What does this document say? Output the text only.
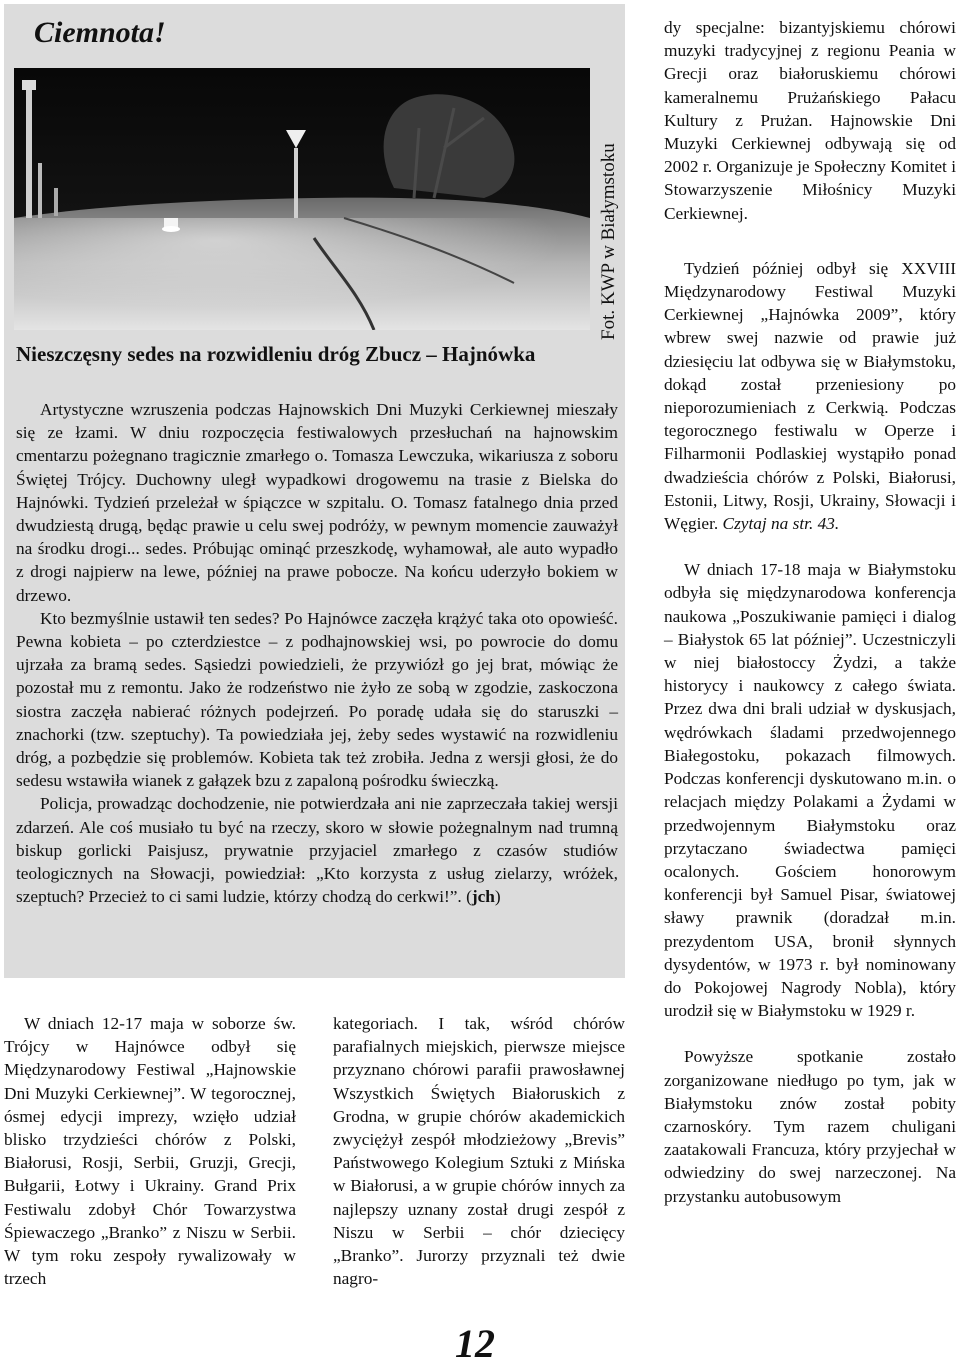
Ciemnota!
Fot. KWP w Białymstoku
Nieszczęsny sedes na rozwidleniu dróg Zbucz – Hajnówka

Artystyczne wzruszenia podczas Hajnowskich Dni Muzyki Cerkiewnej mieszały się ze łzami. W dniu rozpoczęcia festiwalowych przesłuchań na hajnowskim cmentarzu pożegnano tragicznie zmarłego o. Tomasza Lewczuka, wikariusza z soboru Świętej Trójcy. Duchowny uległ wypadkowi drogowemu na trasie z Bielska do Hajnówki. Tydzień przeleżał w śpiączce w szpitalu. O. Tomasz fatalnego dnia przed dwudziestą drugą, będąc prawie u celu swej podróży, w pewnym momencie zauważył na środku drogi... sedes. Próbując ominąć przeszkodę, wyhamował, ale auto wypadło z drogi najpierw na lewe, później na prawe pobocze. Na końcu uderzyło bokiem w drzewo.

Kto bezmyślnie ustawił ten sedes? Po Hajnówce zaczęła krążyć taka oto opowieść. Pewna kobieta – po czterdziestce – z podhajnowskiej wsi, po powrocie do domu ujrzała za bramą sedes. Sąsiedzi powiedzieli, że przywiózł go jej brat, mówiąc że pozostał mu z remontu. Jako że rodzeństwo nie żyło ze sobą w zgodzie, zaskoczona siostra zaczęła nabierać różnych podejrzeń. Po poradę udała się do staruszki – znachorki (tzw. szeptuchy). Ta powiedziała jej, żeby sedes wystawić na rozwidleniu dróg, a pozbędzie się problemów. Kobieta tak też zrobiła. Jedna z wersji głosi, że do sedesu wstawiła wianek z gałązek bzu z zapaloną pośrodku świeczką.

Policja, prowadząc dochodzenie, nie potwierdzała ani nie zaprzeczała takiej wersji zdarzeń. Ale coś musiało tu być na rzeczy, skoro w słowie pożegnalnym nad trumną biskup gorlicki Paisjusz, prywatnie przyjaciel zmarłego z czasów studiów teologicznych na Słowacji, powiedział: „Kto korzysta z usług zielarzy, wróżek, szeptuch? Przecież to ci sami ludzie, którzy chodzą do cerkwi!”. (jch)

W dniach 12-17 maja w soborze św. Trójcy w Hajnówce odbył się Międzynarodowy Festiwal „Hajnowskie Dni Muzyki Cerkiewnej”. W tegorocznej, ósmej edycji imprezy, wzięło udział blisko trzydzieści chórów z Polski, Białorusi, Rosji, Serbii, Gruzji, Grecji, Bułgarii, Łotwy i Ukrainy. Grand Prix Festiwalu zdobył Chór Towarzystwa Śpiewaczego „Branko” z Niszu w Serbii. W tym roku zespoły rywalizowały w trzech

kategoriach. I tak, wśród chórów parafialnych miejskich, pierwsze miejsce przyznano chórowi parafii prawosławnej Wszystkich Świętych Białoruskich z Grodna, w grupie chórów akademickich zwyciężył zespół młodzieżowy „Brevis” Państwowego Kolegium Sztuki z Mińska w Białorusi, a w grupie chórów innych za najlepszy uznany został drugi zespół z Niszu w Serbii – chór dziecięcy „Branko”. Jurorzy przyznali też dwie nagro-

dy specjalne: bizantyjskiemu chórowi muzyki tradycyjnej z regionu Peania w Grecji oraz białoruskiemu chórowi kameralnemu Prużańskiego Pałacu Kultury z Prużan. Hajnowskie Dni Muzyki Cerkiewnej odbywają się od 2002 r. Organizuje je Społeczny Komitet i Stowarzyszenie Miłośnicy Muzyki Cerkiewnej.

Tydzień później odbył się XXVIII Międzynarodowy Festiwal Muzyki Cerkiewnej „Hajnówka 2009”, który wbrew swej nazwie od prawie już dziesięciu lat odbywa się w Białymstoku, dokąd został przeniesiony po nieporozumieniach z Cerkwią. Podczas tegorocznego festiwalu w Operze i Filharmonii Podlaskiej wystąpiło ponad dwadzieścia chórów z Polski, Białorusi, Estonii, Litwy, Rosji, Ukrainy, Słowacji i Węgier. Czytaj na str. 43.

W dniach 17-18 maja w Białymstoku odbyła się międzynarodowa konferencja naukowa „Poszukiwanie pamięci i dialog – Białystok 65 lat później”. Uczestniczyli w niej białostoccy Żydzi, a także historycy i naukowcy z całego świata. Przez dwa dni brali udział w dyskusjach, wędrówkach śladami przedwojennego Białegostoku, pokazach filmowych. Podczas konferencji dyskutowano m.in. o relacjach między Polakami a Żydami w przedwojennym Białymstoku oraz przytaczano świadectwa pamięci ocalonych. Gościem honorowym konferencji był Samuel Pisar, światowej sławy prawnik (doradzał m.in. prezydentom USA, bronił słynnych dysydentów, w 1973 r. był nominowany do Pokojowej Nagrody Nobla), który urodził się w Białymstoku w 1929 r.

Powyższe spotkanie zostało zorganizowane niedługo po tym, jak w Białymstoku znów został pobity czarnoskóry. Tym razem chuligani zaatakowali Francuza, który przyjechał w odwiedziny do swej narzeczonej. Na przystanku autobusowym

12
